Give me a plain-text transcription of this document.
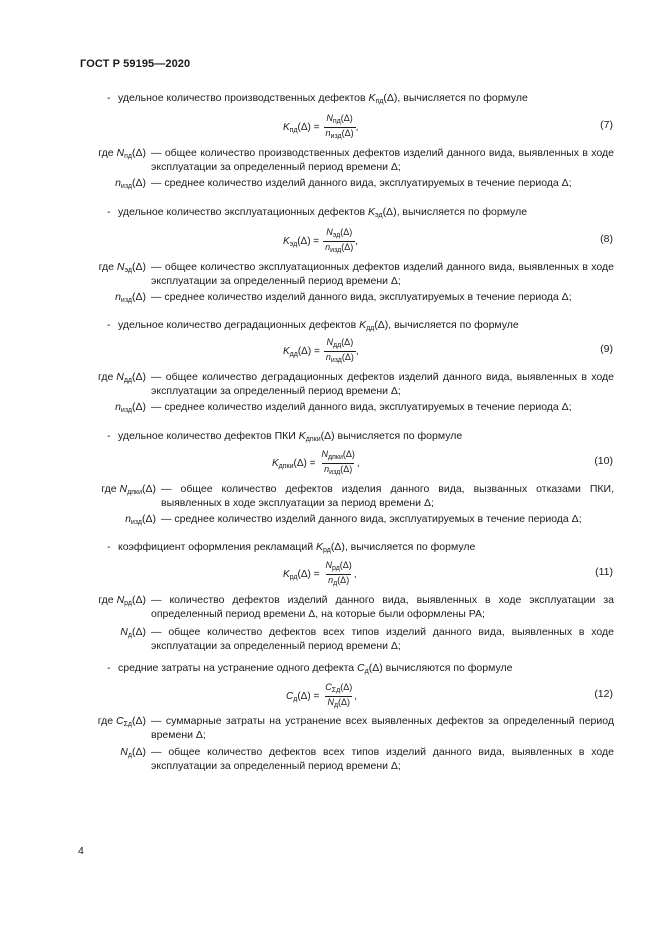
ГОСТ Р 59195—2020
- удельное количество производственных дефектов $K_{пд}(\Delta)$, вычисляется по формуле
$K_{пд}(\Delta) = \frac{N_{пд}(\Delta)}{n_{изд}(\Delta)}$ ,	(7)
где $N_{пд}(\Delta)$ — общее количество производственных дефектов изделий данного вида, выявленных в ходе эксплуатации за определенный период времени Δ;
$n_{изд}(\Delta)$ — среднее количество изделий данного вида, эксплуатируемых в течение периода Δ;
- удельное количество эксплуатационных дефектов $K_{эд}(\Delta)$, вычисляется по формуле
$K_{эд}(\Delta) = \frac{N_{эд}(\Delta)}{n_{изд}(\Delta)}$ ,	(8)
где $N_{эд}(\Delta)$ — общее количество эксплуатационных дефектов изделий данного вида, выявленных в ходе эксплуатации за определенный период времени Δ;
$n_{изд}(\Delta)$ — среднее количество изделий данного вида, эксплуатируемых в течение периода Δ;
- удельное количество деградационных дефектов $K_{дд}(\Delta)$, вычисляется по формуле
$K_{дд}(\Delta) = \frac{N_{дд}(\Delta)}{n_{изд}(\Delta)}$ ,	(9)
где $N_{дд}(\Delta)$ — общее количество деградационных дефектов изделий данного вида, выявленных в ходе эксплуатации за определенный период времени Δ;
$n_{изд}(\Delta)$ — среднее количество изделий данного вида, эксплуатируемых в течение периода Δ;
- удельное количество дефектов ПКИ $K_{дпки}(\Delta)$ вычисляется по формуле
$K_{дпки}(\Delta) = \frac{N_{дпки}(\Delta)}{n_{изд}(\Delta)}$ ,	(10)
где $N_{дпки}(\Delta)$ — общее количество дефектов изделия данного вида, вызванных отказами ПКИ, выявленных в ходе эксплуатации за период времени Δ;
$n_{изд}(\Delta)$ — среднее количество изделий данного вида, эксплуатируемых в течение периода Δ;
- коэффициент оформления рекламаций $K_{рд}(\Delta)$, вычисляется по формуле
$K_{рд}(\Delta) = \frac{N_{рд}(\Delta)}{n_д(\Delta)}$ ,	(11)
где $N_{рд}(\Delta)$ — количество дефектов изделий данного вида, выявленных в ходе эксплуатации за определенный период времени Δ, на которые были оформлены РА;
$N_д(\Delta)$ — общее количество дефектов всех типов изделий данного вида, выявленных в ходе эксплуатации за определенный период времени Δ;
- средние затраты на устранение одного дефекта $C_д(\Delta)$ вычисляются по формуле
$C_д(\Delta) = \frac{C_{\Sigma д}(\Delta)}{N_д(\Delta)}$ ,	(12)
где $C_{\Sigma д}(\Delta)$ — суммарные затраты на устранение всех выявленных дефектов за определенный период времени Δ;
$N_д(\Delta)$ — общее количество дефектов всех типов изделий данного вида, выявленных в ходе эксплуатации за определенный период времени Δ;
4
